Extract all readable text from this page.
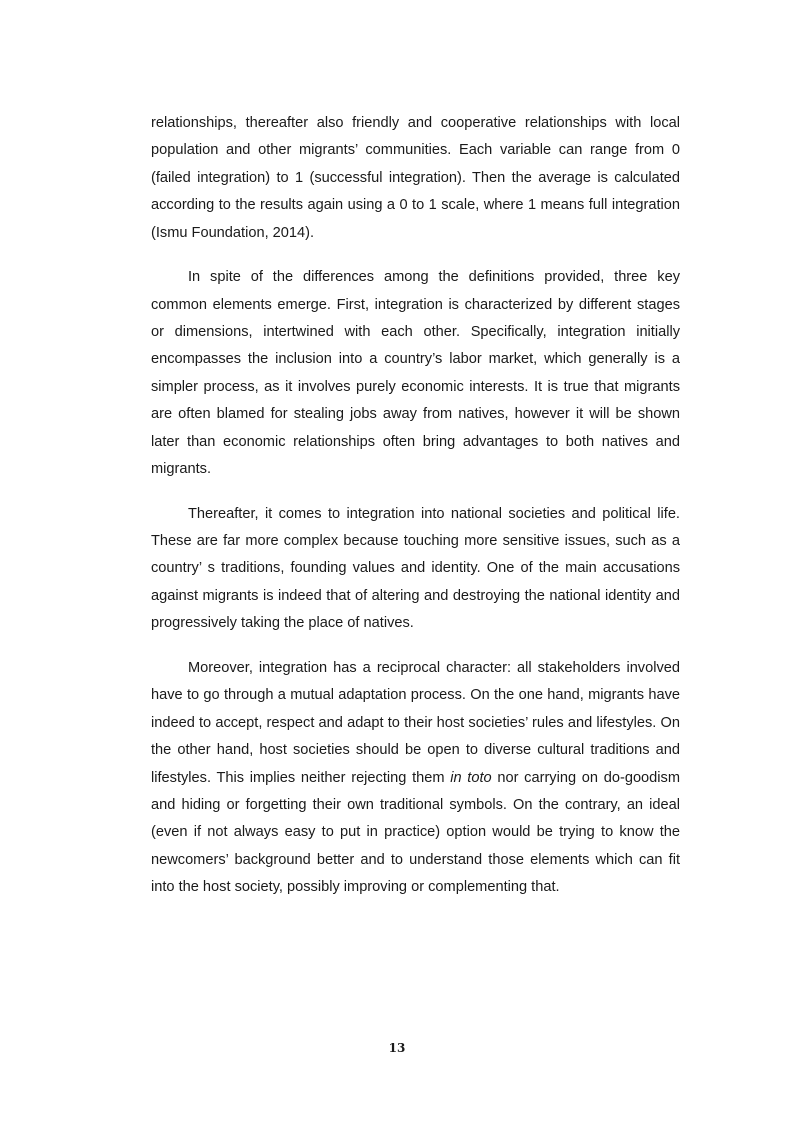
relationships, thereafter also friendly and cooperative relationships with local population and other migrants’ communities. Each variable can range from 0 (failed integration) to 1 (successful integration). Then the average is calculated according to the results again using a 0 to 1 scale, where 1 means full integration (Ismu Foundation, 2014).

In spite of the differences among the definitions provided, three key common elements emerge. First, integration is characterized by different stages or dimensions, intertwined with each other. Specifically, integration initially encompasses the inclusion into a country’s labor market, which generally is a simpler process, as it involves purely economic interests. It is true that migrants are often blamed for stealing jobs away from natives, however it will be shown later than economic relationships often bring advantages to both natives and migrants.

Thereafter, it comes to integration into national societies and political life. These are far more complex because touching more sensitive issues, such as a country’ s traditions, founding values and identity. One of the main accusations against migrants is indeed that of altering and destroying the national identity and progressively taking the place of natives.

Moreover, integration has a reciprocal character: all stakeholders involved have to go through a mutual adaptation process. On the one hand, migrants have indeed to accept, respect and adapt to their host societies’ rules and lifestyles. On the other hand, host societies should be open to diverse cultural traditions and lifestyles. This implies neither rejecting them in toto nor carrying on do-goodism and hiding or forgetting their own traditional symbols. On the contrary, an ideal (even if not always easy to put in practice) option would be trying to know the newcomers’ background better and to understand those elements which can fit into the host society, possibly improving or complementing that.

13
